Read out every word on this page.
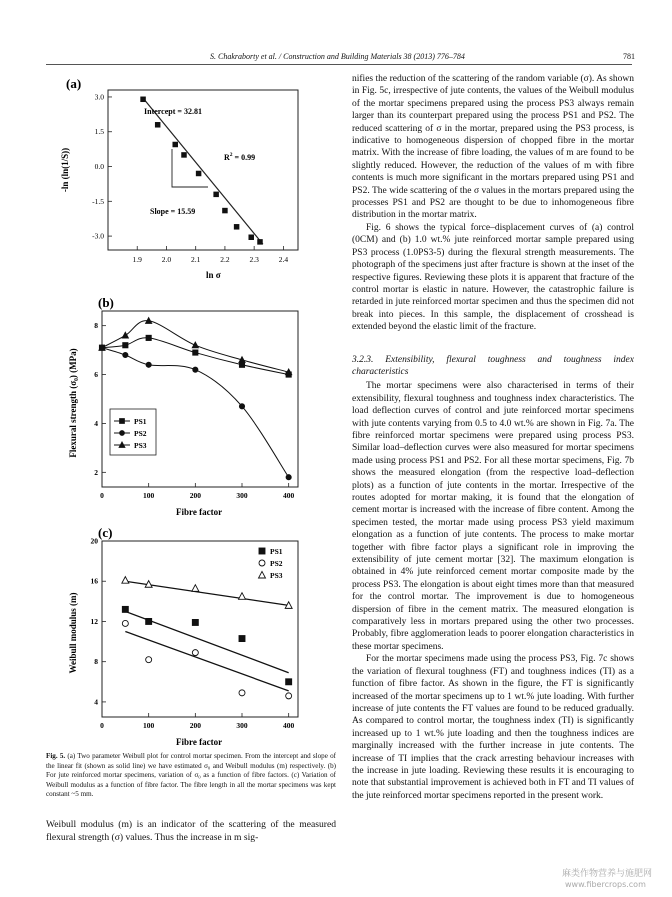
S. Chakraborty et al. / Construction and Building Materials 38 (2013) 776–784	781
(a)
1.9	2.0	2.1	2.2	2.3	2.4
3.0
1.5
0.0
-1.5
-3.0
Intercept = 32.81
$R^2 = 0.99$
Slope = 15.59
ln σ
-ln (ln(1/S))
(b)
0	100	200	300	400
2
4
6
8
PS1
PS2
PS3
Fibre factor
Flexural strength (σ₀) (MPa)
(c)
0	100	200	300	400
4
8
12
16
20
PS1
PS2
PS3
Fibre factor
Weibull modulus (m)
Fig. 5. (a) Two parameter Weibull plot for control mortar specimen. From the intercept and slope of the linear fit (shown as solid line) we have estimated σ₀ and Weibull modulus (m) respectively. (b) For jute reinforced mortar specimens, variation of σ₀ as a function of fibre factors. (c) Variation of Weibull modulus as a function of fibre factor. The fibre length in all the mortar specimens was kept constant ~5 mm.
Weibull modulus (m) is an indicator of the scattering of the measured flexural strength (σ) values. Thus the increase in m sig-

nifies the reduction of the scattering of the random variable (σ). As shown in Fig. 5c, irrespective of jute contents, the values of the Weibull modulus of the mortar specimens prepared using the process PS3 always remain larger than its counterpart prepared using the process PS1 and PS2. The reduced scattering of σ in the mortar, prepared using the PS3 process, is indicative to homogeneous dispersion of chopped fibre in the mortar matrix. With the increase of fibre loading, the values of m are found to be slightly reduced. However, the reduction of the values of m with fibre contents is much more significant in the mortars prepared using PS1 and PS2. The wide scattering of the σ values in the mortars prepared using the processes PS1 and PS2 are thought to be due to inhomogeneous fibre distribution in the mortar matrix.

Fig. 6 shows the typical force–displacement curves of (a) control (0CM) and (b) 1.0 wt.% jute reinforced mortar sample prepared using PS3 process (1.0PS3-5) during the flexural strength measurements. The photograph of the specimens just after fracture is shown at the inset of the respective figures. Reviewing these plots it is apparent that fracture of the control mortar is elastic in nature. However, the catastrophic failure is retarded in jute reinforced mortar specimen and thus the specimen did not break into pieces. In this sample, the displacement of crosshead is extended beyond the elastic limit of the fracture.

3.2.3. Extensibility, flexural toughness and toughness index characteristics

The mortar specimens were also characterised in terms of their extensibility, flexural toughness and toughness index characteristics. The load deflection curves of control and jute reinforced mortar specimens with jute contents varying from 0.5 to 4.0 wt.% are shown in Fig. 7a. The fibre reinforced mortar specimens were prepared using process PS3. Similar load–deflection curves were also measured for mortar specimens made using process PS1 and PS2. For all these mortar specimens, Fig. 7b shows the measured elongation (from the respective load–deflection plots) as a function of jute contents in the mortar. Irrespective of the routes adopted for mortar making, it is found that the elongation of cement mortar is increased with the increase of fibre content. Among the specimen tested, the mortar made using process PS3 yield maximum elongation as a function of jute contents. The process to make mortar together with fibre factor plays a significant role in improving the extensibility of jute cement mortar [32]. The maximum elongation is obtained in 4% jute reinforced cement mortar composite made by the process PS3. The elongation is about eight times more than that measured for the control mortar. The improvement is due to homogeneous dispersion of fibre in the cement matrix. The measured elongation is comparatively less in mortars prepared using the other two processes. Probably, fibre agglomeration leads to poorer elongation characteristics in these mortar specimens.

For the mortar specimens made using the process PS3, Fig. 7c shows the variation of flexural toughness (FT) and toughness indices (TI) as a function of fibre factor. As shown in the figure, the FT is significantly increased of the mortar specimens up to 1 wt.% jute loading. With further increase of jute contents the FT values are found to be reduced gradually. As compared to control mortar, the toughness index (TI) is significantly increased up to 1 wt.% jute loading and then the toughness indices are marginally increased with the further increase in jute contents. The increase of TI implies that the crack arresting behaviour increases with the increase in jute loading. Reviewing these results it is encouraging to note that substantial improvement is achieved both in FT and TI values of the jute reinforced mortar specimens reported in the present work.

麻类作物营养与施肥网
www.fibercrops.com
